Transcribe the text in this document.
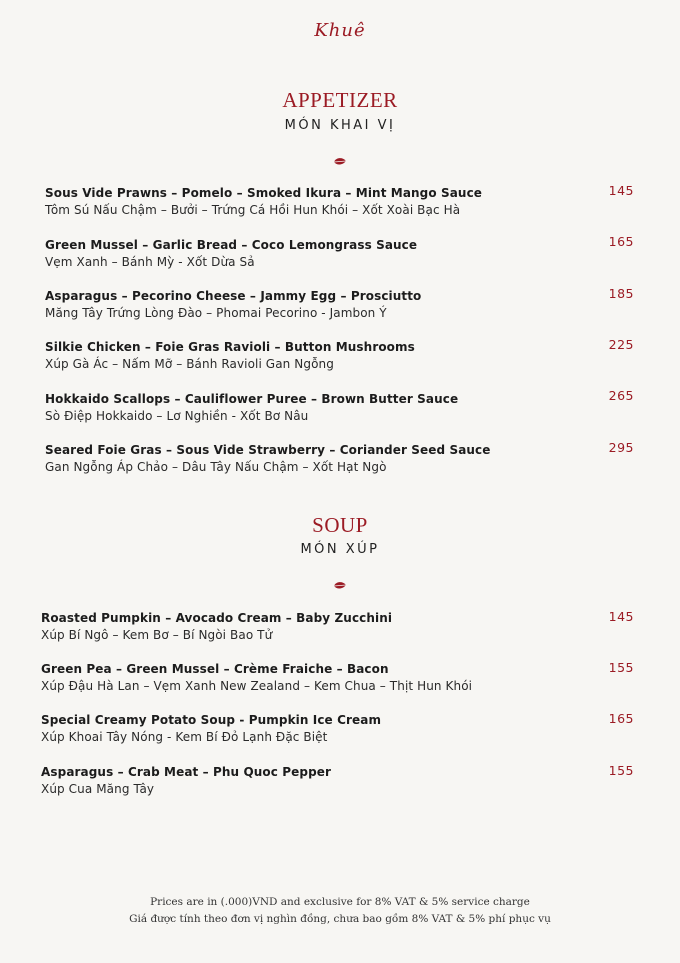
Khuê
APPETIZER
MÓN KHAI VỊ
Sous Vide Prawns – Pomelo – Smoked Ikura – Mint Mango Sauce
Tôm Sú Nấu Chậm – Bưởi – Trứng Cá Hồi Hun Khói – Xốt Xoài Bạc Hà
145
Green Mussel – Garlic Bread – Coco Lemongrass Sauce
Vẹm Xanh – Bánh Mỳ - Xốt Dừa Sả
165
Asparagus – Pecorino Cheese – Jammy Egg – Prosciutto
Măng Tây Trứng Lòng Đào – Phomai Pecorino - Jambon Ý
185
Silkie Chicken – Foie Gras Ravioli – Button Mushrooms
Xúp Gà Ác – Nấm Mỡ – Bánh Ravioli Gan Ngỗng
225
Hokkaido Scallops – Cauliflower Puree – Brown Butter Sauce
Sò Điệp Hokkaido – Lơ Nghiền - Xốt Bơ Nâu
265
Seared Foie Gras – Sous Vide Strawberry – Coriander Seed Sauce
Gan Ngỗng Áp Chảo – Dâu Tây Nấu Chậm – Xốt Hạt Ngò
295
SOUP
MÓN XÚP
Roasted Pumpkin – Avocado Cream – Baby Zucchini
Xúp Bí Ngô – Kem Bơ – Bí Ngòi Bao Tử
145
Green Pea – Green Mussel – Crème Fraiche – Bacon
Xúp Đậu Hà Lan – Vẹm Xanh New Zealand – Kem Chua – Thịt Hun Khói
155
Special Creamy Potato Soup - Pumpkin Ice Cream
Xúp Khoai Tây Nóng - Kem Bí Đỏ Lạnh Đặc Biệt
165
Asparagus – Crab Meat – Phu Quoc Pepper
Xúp Cua Măng Tây
155
Prices are in (.000)VND and exclusive for 8% VAT & 5% service charge
Giá được tính theo đơn vị nghìn đồng, chưa bao gồm 8% VAT & 5% phí phục vụ
